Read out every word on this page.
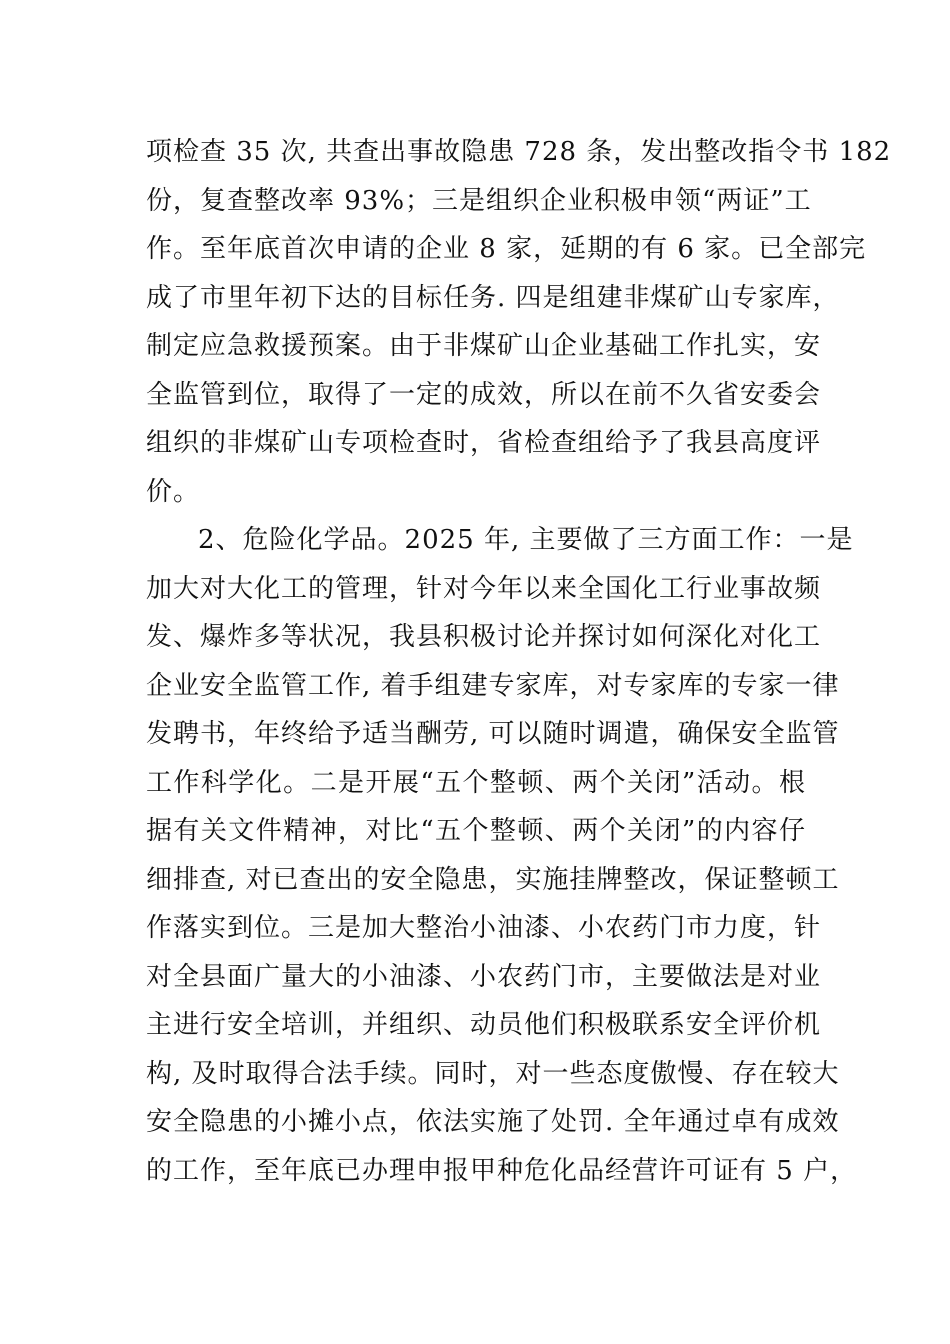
项检查 35 次, 共查出事故隐患 728 条，发出整改指令书 182
份，复查整改率 93%；三是组织企业积极申领“两证”工
作。至年底首次申请的企业 8 家，延期的有 6 家。已全部完
成了市里年初下达的目标任务. 四是组建非煤矿山专家库，
制定应急救援预案。由于非煤矿山企业基础工作扎实，安
全监管到位，取得了一定的成效，所以在前不久省安委会
组织的非煤矿山专项检查时，省检查组给予了我县高度评
价。
2、危险化学品。2025 年, 主要做了三方面工作：一是
加大对大化工的管理，针对今年以来全国化工行业事故频
发、爆炸多等状况，我县积极讨论并探讨如何深化对化工
企业安全监管工作, 着手组建专家库，对专家库的专家一律
发聘书，年终给予适当酬劳, 可以随时调遣，确保安全监管
工作科学化。二是开展“五个整顿、两个关闭”活动。根
据有关文件精神，对比“五个整顿、两个关闭”的内容仔
细排查, 对已查出的安全隐患，实施挂牌整改，保证整顿工
作落实到位。三是加大整治小油漆、小农药门市力度，针
对全县面广量大的小油漆、小农药门市，主要做法是对业
主进行安全培训，并组织、动员他们积极联系安全评价机
构, 及时取得合法手续。同时，对一些态度傲慢、存在较大
安全隐患的小摊小点，依法实施了处罚. 全年通过卓有成效
的工作，至年底已办理申报甲种危化品经营许可证有 5 户，
